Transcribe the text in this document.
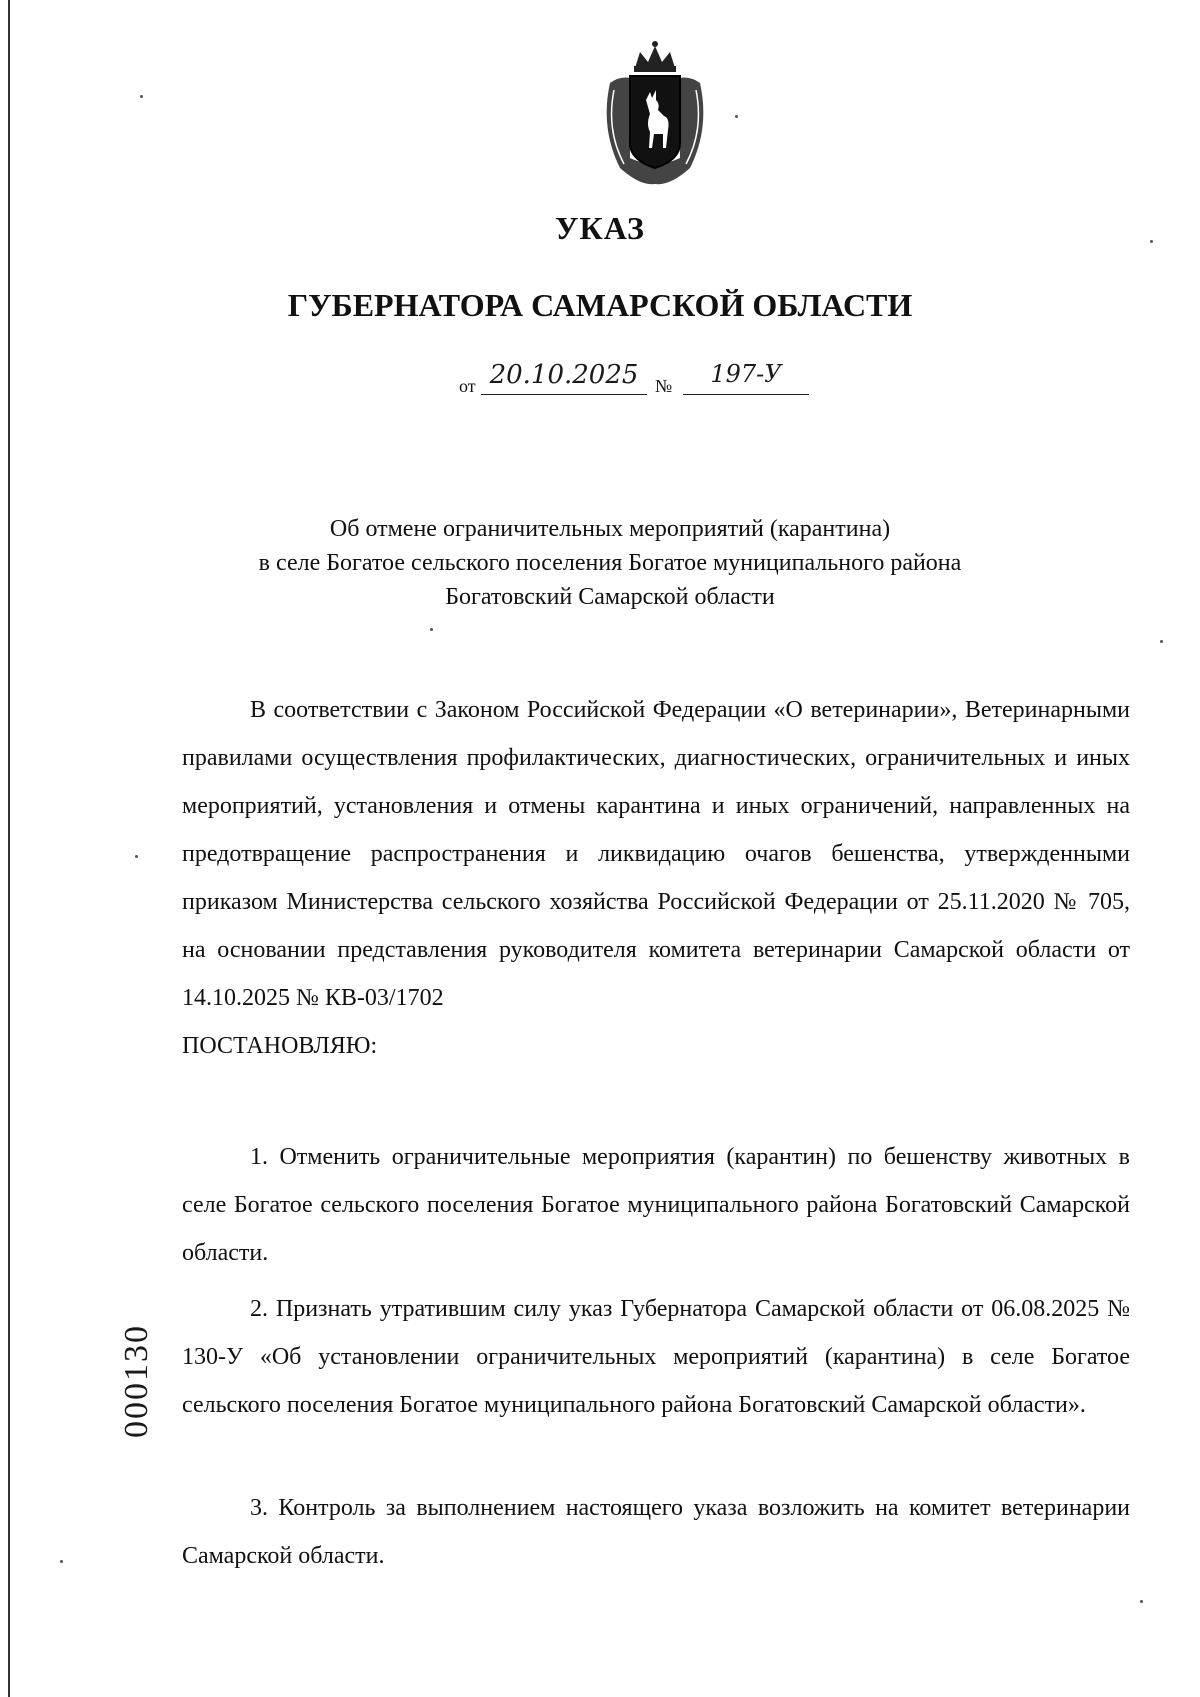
УКАЗ
ГУБЕРНАТОРА САМАРСКОЙ ОБЛАСТИ
от 20.10.2025 №	197-У
Об отмене ограничительных мероприятий (карантина)
в селе Богатое сельского поселения Богатое муниципального района
Богатовский Самарской области

В соответствии с Законом Российской Федерации «О ветеринарии», Ветеринарными правилами осуществления профилактических, диагностических, ограничительных и иных мероприятий, установления и отмены карантина и иных ограничений, направленных на предотвращение распространения и ликвидацию очагов бешенства, утвержденными приказом Министерства сельского хозяйства Российской Федерации от 25.11.2020 № 705, на основании представления руководителя комитета ветеринарии Самарской области от 14.10.2025 № КВ-03/1702

ПОСТАНОВЛЯЮ:

1. Отменить ограничительные мероприятия (карантин) по бешенству животных в селе Богатое сельского поселения Богатое муниципального района Богатовский Самарской области.

2. Признать утратившим силу указ Губернатора Самарской области от 06.08.2025 № 130-У «Об установлении ограничительных мероприятий (карантина) в селе Богатое сельского поселения Богатое муниципального района Богатовский Самарской области».

3. Контроль за выполнением настоящего указа возложить на комитет ветеринарии Самарской области.

000130
